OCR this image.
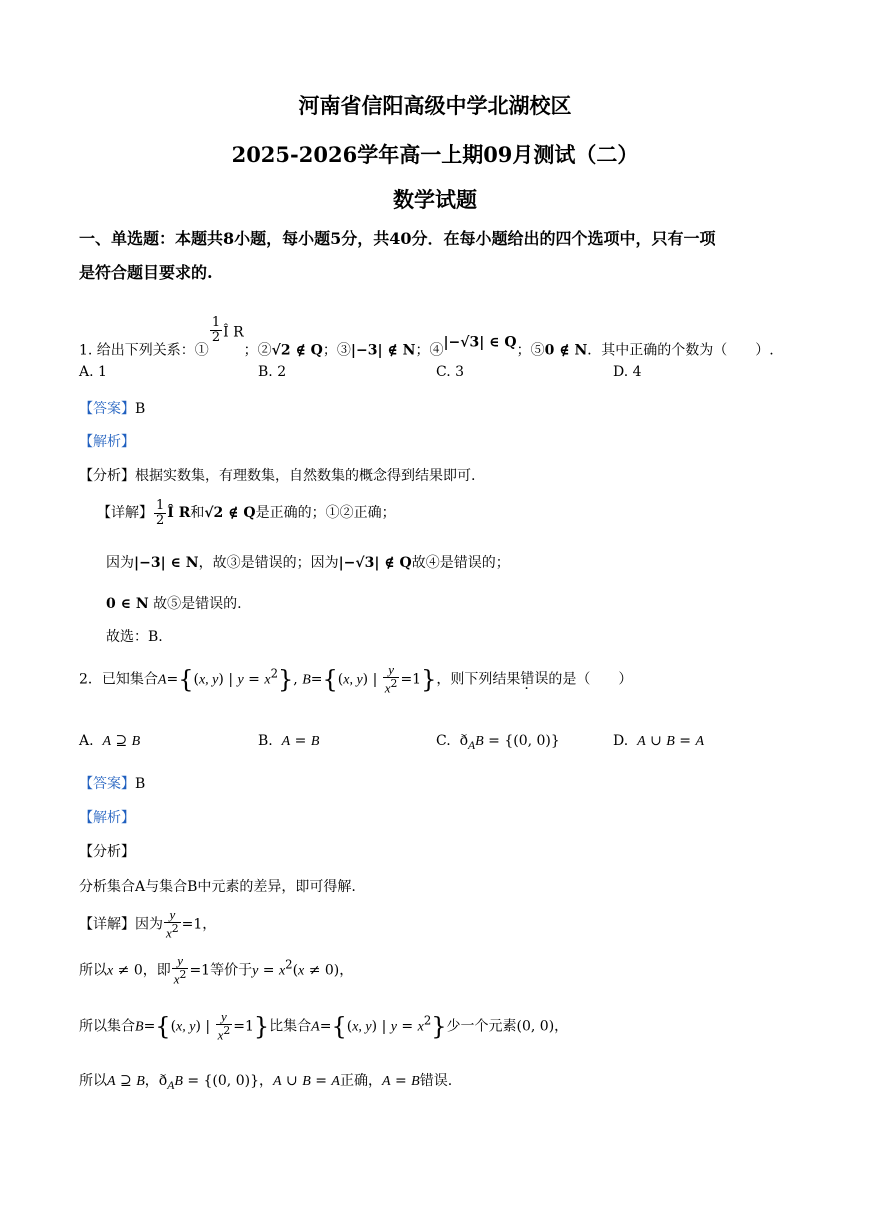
河南省信阳高级中学北湖校区
2025-2026学年高一上期09月测试（二）
数学试题
一、单选题：本题共8小题，每小题5分，共40分．在每小题给出的四个选项中，只有一项
是符合题目要求的.
1. 给出下列关系：①
$\frac{1}{2}$ Î R；②√2 ∉ Q；③|−3| ∉ N；④|−√3| ∈ Q；⑤0 ∉ N．其中正确的个数为（　　）.
A. 1	B. 2	C. 3	D. 4
【答案】B
【解析】
【分析】根据实数集，有理数集，自然数集的概念得到结果即可.
【详解】 $\frac{1}{2}$ Î R和√2 ∉ Q是正确的；①②正确；
因为|−3| ∈ N，故③是错误的；因为|−√3| ∉ Q故④是错误的；
0 ∈ N 故⑤是错误的.
故选：B.
2．已知集合A={(x, y) | $y = x^2$}, B={(x, y) | $\frac{y}{x^2} =1$}，则下列结果错误的是（　　）
A. A ⊇ B	B. A = B	C.  $ð_AB = \{(0$, 0)}	D. A ∪ B = A
【答案】B
【解析】
【分析】
分析集合A与集合B中元素的差异，即可得解.
【详解】因为 $\frac{y}{x^2} =1$，
所以x ≠ 0，即 $\frac{y}{x^2} =1$等价于$y = x^2(x \ne 0)$，
所以集合B={(x, y) | $\frac{y}{x^2} =1$}比集合A={(x, y) | $y = x^2$}少一个元素(0, 0)，
所以A ⊇ B，$ð_AB = \{(0$, 0)}，A ∪ B = A正确，A = B错误.
